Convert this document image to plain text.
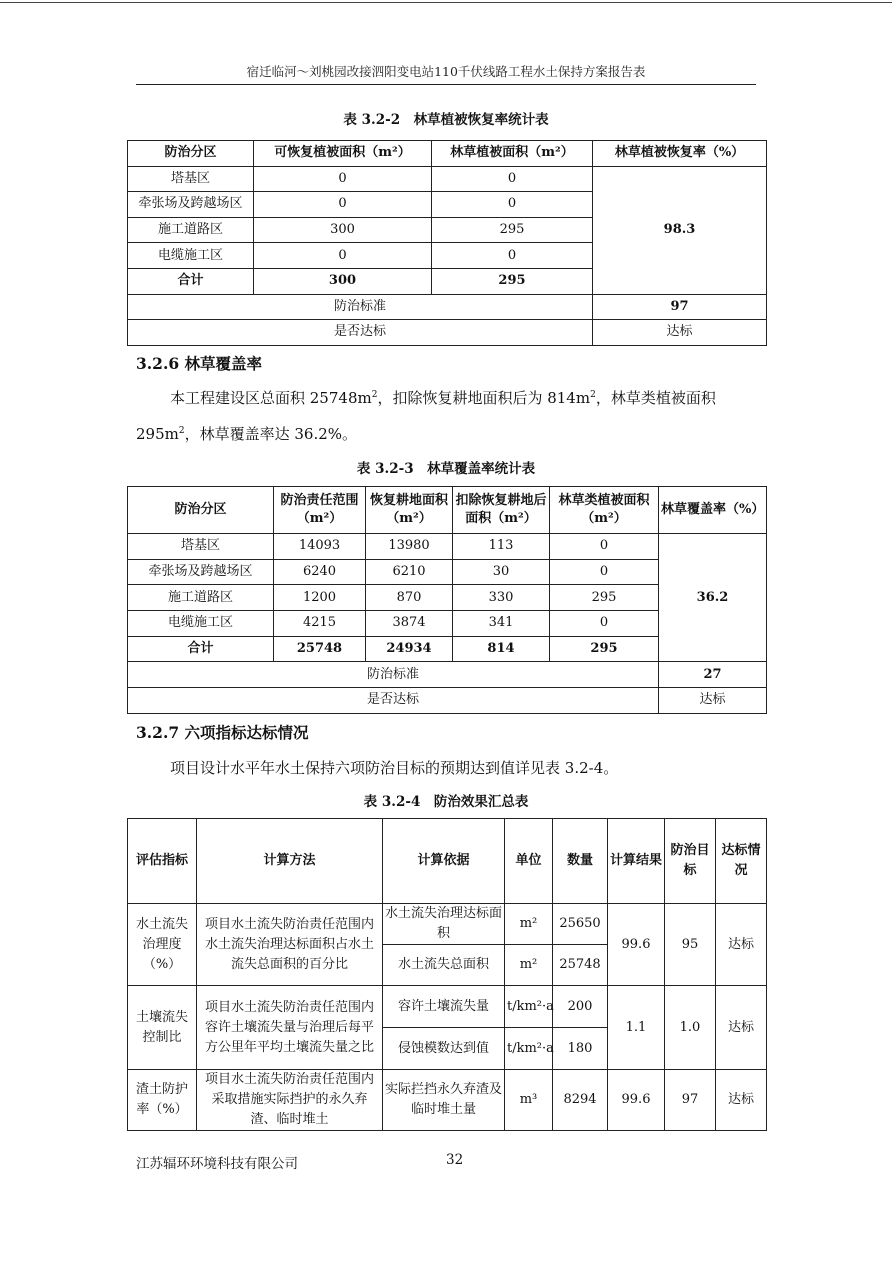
宿迁临河～刘桃园改接泗阳变电站110千伏线路工程水土保持方案报告表
表 3.2-2　林草植被恢复率统计表
防治分区	可恢复植被面积（m²）	林草植被面积（m²）	林草植被恢复率（%）
塔基区	0	0	98.3
牵张场及跨越场区	0	0	
施工道路区	300	295	
电缆施工区	0	0	
合计	300	295	
防治标准			97
是否达标			达标
3.2.6 林草覆盖率
本工程建设区总面积 $25748m^2$，扣除恢复耕地面积后为 $814m^2$，林草类植被面积 $295m^2$，林草覆盖率达 36.2%。
表 3.2-3　林草覆盖率统计表
防治分区	防治责任范围（m²）	恢复耕地面积（m²）	扣除恢复耕地后面积（m²）	林草类植被面积（m²）	林草覆盖率（%）
塔基区	14093	13980	113	0	36.2
牵张场及跨越场区	6240	6210	30	0	
施工道路区	1200	870	330	295	
电缆施工区	4215	3874	341	0	
合计	25748	24934	814	295	
防治标准					27
是否达标					达标
3.2.7 六项指标达标情况
项目设计水平年水土保持六项防治目标的预期达到值详见表 3.2-4。
表 3.2-4　防治效果汇总表
评估指标	计算方法	计算依据	单位	数量	计算结果	防治目标	达标情况
水土流失治理度（%）	项目水土流失防治责任范围内水土流失治理达标面积占水土流失总面积的百分比	水土流失治理达标面积	m²	25650	99.6	95	达标
		水土流失总面积	m²	25748			
土壤流失控制比	项目水土流失防治责任范围内容许土壤流失量与治理后每平方公里年平均土壤流失量之比	容许土壤流失量	t/km²·a	200	1.1	1.0	达标
		侵蚀模数达到值	t/km²·a	180			
渣土防护率（%）	项目水土流失防治责任范围内采取措施实际挡护的永久弃渣、临时堆土	实际拦挡永久弃渣及临时堆土量	m³	8294	99.6	97	达标
江苏辐环环境科技有限公司	32
